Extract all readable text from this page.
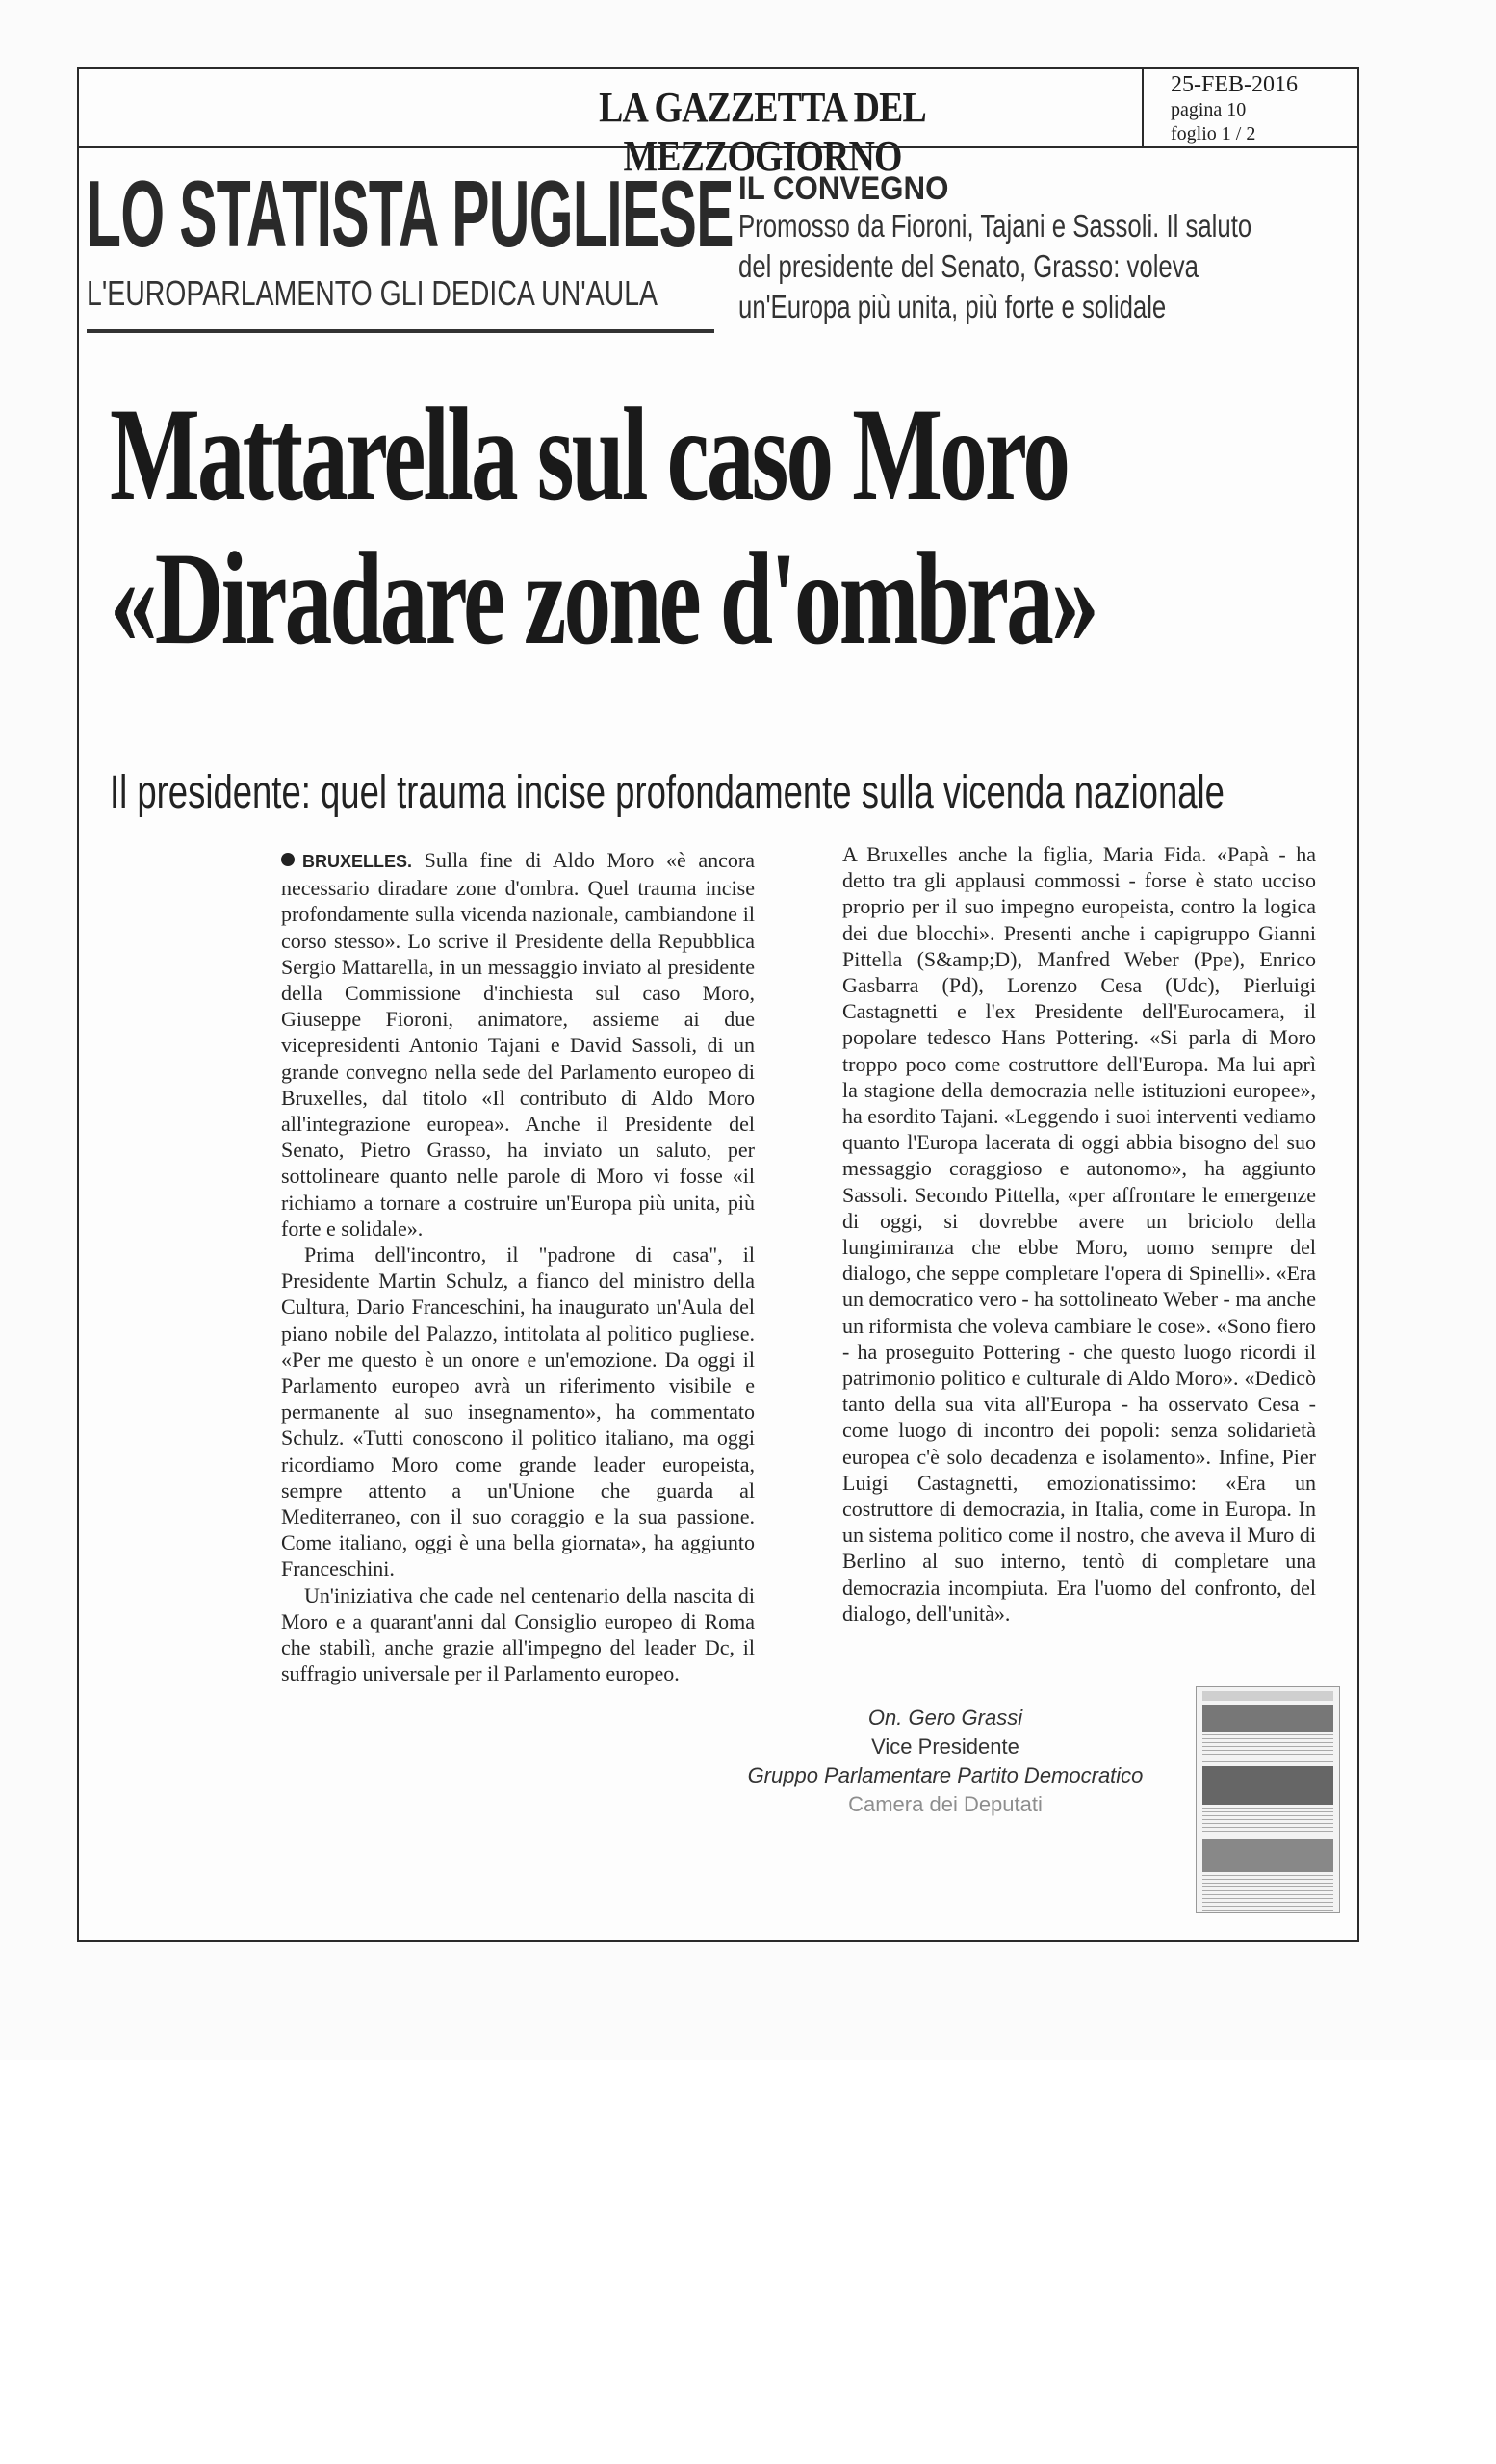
LA GAZZETTA DEL MEZZOGIORNO
25-FEB-2016
pagina 10
foglio 1 / 2
LO STATISTA PUGLIESE
L'EUROPARLAMENTO GLI DEDICA UN'AULA
IL CONVEGNO
Promosso da Fioroni, Tajani e Sassoli. Il saluto
del presidente del Senato, Grasso: voleva
un'Europa più unita, più forte e solidale
Mattarella sul caso Moro
«Diradare zone d'ombra»
Il presidente: quel trauma incise profondamente sulla vicenda nazionale

BRUXELLES. Sulla fine di Aldo Moro «è ancora necessario diradare zone d'ombra. Quel trauma incise profondamente sulla vicenda nazionale, cambiandone il corso stesso». Lo scrive il Presidente della Repubblica Sergio Mattarella, in un messaggio inviato al presidente della Commissione d'inchiesta sul caso Moro, Giuseppe Fioroni, animatore, assieme ai due vicepresidenti Antonio Tajani e David Sassoli, di un grande convegno nella sede del Parlamento europeo di Bruxelles, dal titolo «Il contributo di Aldo Moro all'integrazione europea». Anche il Presidente del Senato, Pietro Grasso, ha inviato un saluto, per sottolineare quanto nelle parole di Moro vi fosse «il richiamo a tornare a costruire un'Europa più unita, più forte e solidale».

Prima dell'incontro, il "padrone di casa", il Presidente Martin Schulz, a fianco del ministro della Cultura, Dario Franceschini, ha inaugurato un'Aula del piano nobile del Palazzo, intitolata al politico pugliese. «Per me questo è un onore e un'emozione. Da oggi il Parlamento europeo avrà un riferimento visibile e permanente al suo insegnamento», ha commentato Schulz. «Tutti conoscono il politico italiano, ma oggi ricordiamo Moro come grande leader europeista, sempre attento a un'Unione che guarda al Mediterraneo, con il suo coraggio e la sua passione. Come italiano, oggi è una bella giornata», ha aggiunto Franceschini.

Un'iniziativa che cade nel centenario della nascita di Moro e a quarant'anni dal Consiglio europeo di Roma che stabilì, anche grazie all'impegno del leader Dc, il suffragio universale per il Parlamento europeo.

A Bruxelles anche la figlia, Maria Fida. «Papà - ha detto tra gli applausi commossi - forse è stato ucciso proprio per il suo impegno europeista, contro la logica dei due blocchi». Presenti anche i capigruppo Gianni Pittella (S&amp;D), Manfred Weber (Ppe), Enrico Gasbarra (Pd), Lorenzo Cesa (Udc), Pierluigi Castagnetti e l'ex Presidente dell'Eurocamera, il popolare tedesco Hans Pottering. «Si parla di Moro troppo poco come costruttore dell'Europa. Ma lui aprì la stagione della democrazia nelle istituzioni europee», ha esordito Tajani. «Leggendo i suoi interventi vediamo quanto l'Europa lacerata di oggi abbia bisogno del suo messaggio coraggioso e autonomo», ha aggiunto Sassoli. Secondo Pittella, «per affrontare le emergenze di oggi, si dovrebbe avere un briciolo della lungimiranza che ebbe Moro, uomo sempre del dialogo, che seppe completare l'opera di Spinelli». «Era un democratico vero - ha sottolineato Weber - ma anche un riformista che voleva cambiare le cose». «Sono fiero - ha proseguito Pottering - che questo luogo ricordi il patrimonio politico e culturale di Aldo Moro». «Dedicò tanto della sua vita all'Europa - ha osservato Cesa - come luogo di incontro dei popoli: senza solidarietà europea c'è solo decadenza e isolamento». Infine, Pier Luigi Castagnetti, emozionatissimo: «Era un costruttore di democrazia, in Italia, come in Europa. In un sistema politico come il nostro, che aveva il Muro di Berlino al suo interno, tentò di completare una democrazia incompiuta. Era l'uomo del confronto, del dialogo, dell'unità».

On. Gero Grassi
Vice Presidente
Gruppo Parlamentare Partito Democratico
Camera dei Deputati
